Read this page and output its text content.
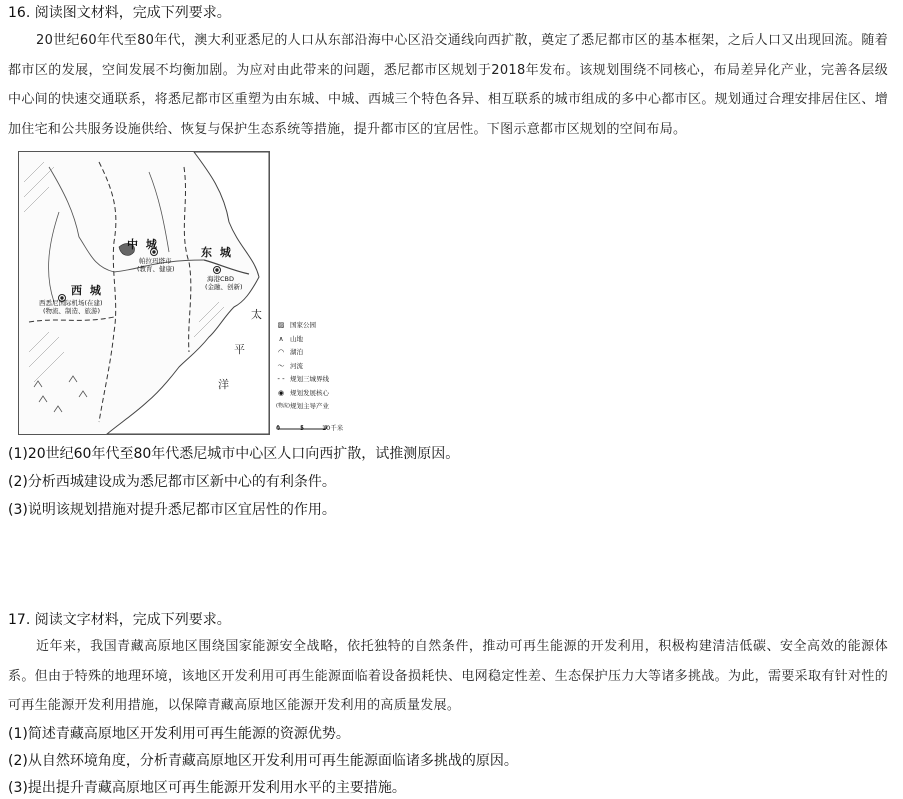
16. 阅读图文材料，完成下列要求。
20世纪60年代至80年代，澳大利亚悉尼的人口从东部沿海中心区沿交通线向西扩散，奠定了悉尼都市区的基本框架，之后人口又出现回流。随着都市区的发展，空间发展不均衡加剧。为应对由此带来的问题，悉尼都市区规划于2018年发布。该规划围绕不同核心，布局差异化产业，完善各层级中心间的快速交通联系，将悉尼都市区重塑为由东城、中城、西城三个特色各异、相互联系的城市组成的多中心都市区。规划通过合理安排居住区、增加住宅和公共服务设施供给、恢复与保护生态系统等措施，提升都市区的宜居性。下图示意都市区规划的空间布局。
中 城
东 城
西 城
帕拉玛塔市
(教育、健康)
海港CBD
(金融、创新)
西悉尼国际机场(在建)
(物流、制造、旅游)	太
平
洋
▨ 国家公园
∧ 山地
◠ 湖泊
〜 河流
- - 规划三城界线
◉ 规划发展核心
(物流) 规划主导产业
0	5	10千米
(1)20世纪60年代至80年代悉尼城市中心区人口向西扩散，试推测原因。
(2)分析西城建设成为悉尼都市区新中心的有利条件。
(3)说明该规划措施对提升悉尼都市区宜居性的作用。
17. 阅读文字材料，完成下列要求。
近年来，我国青藏高原地区围绕国家能源安全战略，依托独特的自然条件，推动可再生能源的开发利用，积极构建清洁低碳、安全高效的能源体系。但由于特殊的地理环境，该地区开发利用可再生能源面临着设备损耗快、电网稳定性差、生态保护压力大等诸多挑战。为此，需要采取有针对性的可再生能源开发利用措施，以保障青藏高原地区能源开发利用的高质量发展。
(1)简述青藏高原地区开发利用可再生能源的资源优势。
(2)从自然环境角度，分析青藏高原地区开发利用可再生能源面临诸多挑战的原因。
(3)提出提升青藏高原地区可再生能源开发利用水平的主要措施。
